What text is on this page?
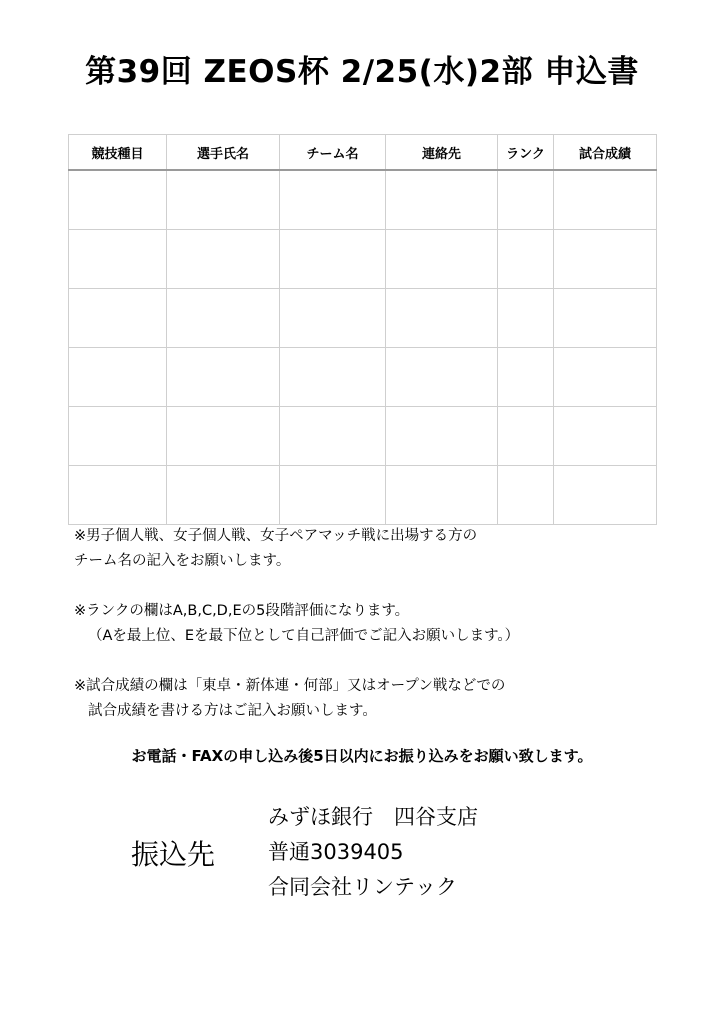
第39回 ZEOS杯 2/25(水)2部 申込書
競技種目	選手氏名	チーム名	連絡先	ランク	試合成績

※男子個人戦、女子個人戦、女子ペアマッチ戦に出場する方の

チーム名の記入をお願いします。

※ランクの欄はA,B,C,D,Eの5段階評価になります。

（Aを最上位、Eを最下位として自己評価でご記入お願いします。）

※試合成績の欄は「東卓・新体連・何部」又はオープン戦などでの

試合成績を書ける方はご記入お願いします。

お電話・FAXの申し込み後5日以内にお振り込みをお願い致します。
振込先

みずほ銀行　四谷支店

普通3039405

合同会社リンテック
